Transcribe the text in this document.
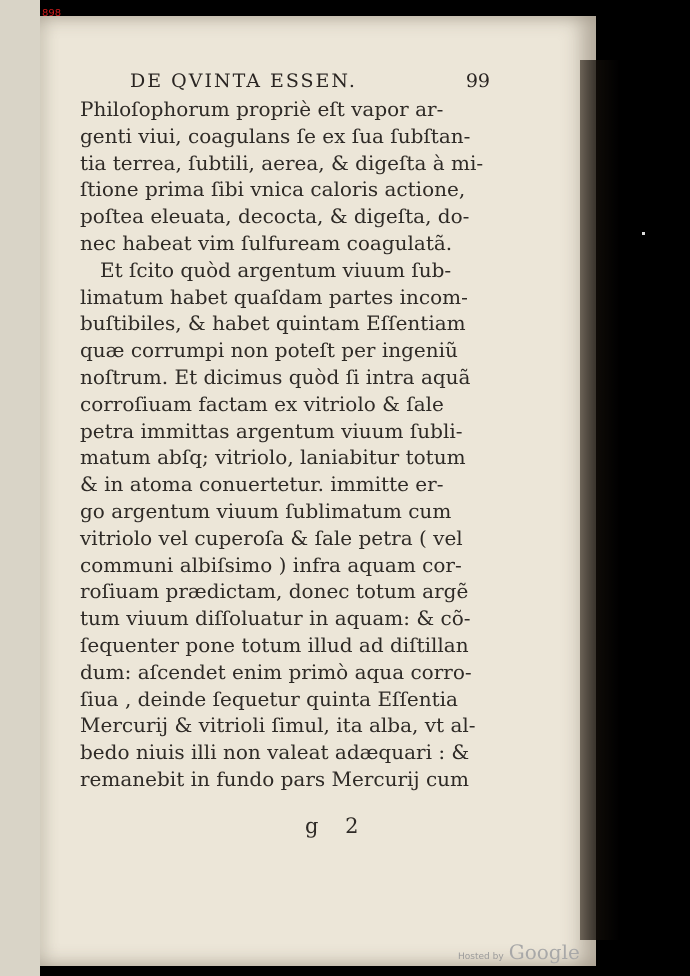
898
DE QVINTA ESSEN.	99
Philoſophorum propriè eſt vapor ar-
genti viui, coagulans ſe ex ſua ſubſtan-
tia terrea, ſubtili, aerea, & digeſta à mi-
ſtione prima ſibi vnica caloris actione,
poſtea eleuata, decocta, & digeſta, do-
nec habeat vim ſulfuream coagulatã.
Et ſcito quòd argentum viuum ſub-
limatum habet quaſdam partes incom-
buſtibiles, & habet quintam Eſſentiam
quæ corrumpi non poteſt per ingeniũ
noſtrum. Et dicimus quòd ſi intra aquã
corroſiuam factam ex vitriolo & ſale
petra immittas argentum viuum ſubli-
matum abſq; vitriolo, laniabitur totum
& in atoma conuertetur. immitte er-
go argentum viuum ſublimatum cum
vitriolo vel cuperoſa & ſale petra ( vel
communi albiſsimo ) infra aquam cor-
roſiuam prædictam, donec totum argẽ
tum viuum diſſoluatur in aquam: & cõ-
ſequenter pone totum illud ad diſtillan
dum: aſcendet enim primò aqua corro-
ſiua , deinde ſequetur quinta Eſſentia
Mercurij & vitrioli ſimul, ita alba, vt al-
bedo niuis illi non valeat adæquari : &
remanebit in fundo pars Mercurij cum
g 2
Hosted by Google
